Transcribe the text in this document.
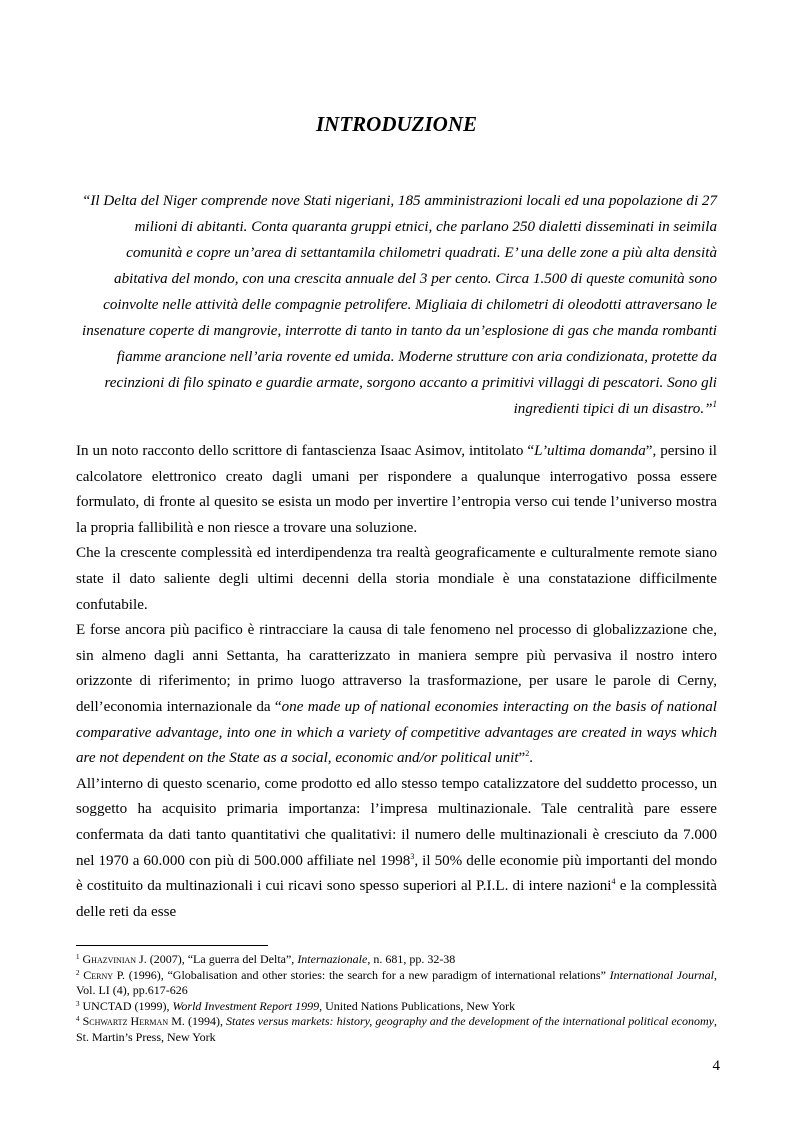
INTRODUZIONE

“Il Delta del Niger comprende nove Stati nigeriani, 185 amministrazioni locali ed una popolazione di 27 milioni di abitanti. Conta quaranta gruppi etnici, che parlano 250 dialetti disseminati in seimila comunità e copre un’area di settantamila chilometri quadrati. E’ una delle zone a più alta densità abitativa del mondo, con una crescita annuale del 3 per cento. Circa 1.500 di queste comunità sono coinvolte nelle attività delle compagnie petrolifere. Migliaia di chilometri di oleodotti attraversano le insenature coperte di mangrovie, interrotte di tanto in tanto da un’esplosione di gas che manda rombanti fiamme arancione nell’aria rovente ed umida. Moderne strutture con aria condizionata, protette da recinzioni di filo spinato e guardie armate, sorgono accanto a primitivi villaggi di pescatori. Sono gli ingredienti tipici di un disastro.”$^1$

In un noto racconto dello scrittore di fantascienza Isaac Asimov, intitolato “L’ultima domanda”, persino il calcolatore elettronico creato dagli umani per rispondere a qualunque interrogativo possa essere formulato, di fronte al quesito se esista un modo per invertire l’entropia verso cui tende l’universo mostra la propria fallibilità e non riesce a trovare una soluzione.

Che la crescente complessità ed interdipendenza tra realtà geograficamente e culturalmente remote siano state il dato saliente degli ultimi decenni della storia mondiale è una constatazione difficilmente confutabile.

E forse ancora più pacifico è rintracciare la causa di tale fenomeno nel processo di globalizzazione che, sin almeno dagli anni Settanta, ha caratterizzato in maniera sempre più pervasiva il nostro intero orizzonte di riferimento; in primo luogo attraverso la trasformazione, per usare le parole di Cerny, dell’economia internazionale da “one made up of national economies interacting on the basis of national comparative advantage, into one in which a variety of competitive advantages are created in ways which are not dependent on the State as a social, economic and/or political unit”$^2$.

All’interno di questo scenario, come prodotto ed allo stesso tempo catalizzatore del suddetto processo, un soggetto ha acquisito primaria importanza: l’impresa multinazionale. Tale centralità pare essere confermata da dati tanto quantitativi che qualitativi: il numero delle multinazionali è cresciuto da 7.000 nel 1970 a 60.000 con più di 500.000 affiliate nel 1998$^3$, il 50% delle economie più importanti del mondo è costituito da multinazionali i cui ricavi sono spesso superiori al P.I.L. di intere nazioni$^4$ e la complessità delle reti da esse

$^1$ Ghazvinian J. (2007), “La guerra del Delta”, Internazionale, n. 681, pp. 32-38

$^2$ Cerny P. (1996), “Globalisation and other stories: the search for a new paradigm of international relations” International Journal, Vol. LI (4), pp.617-626

$^3$ UNCTAD (1999), World Investment Report 1999, United Nations Publications, New York

$^4$ Schwartz Herman M. (1994), States versus markets: history, geography and the development of the international political economy, St. Martin’s Press, New York

4
